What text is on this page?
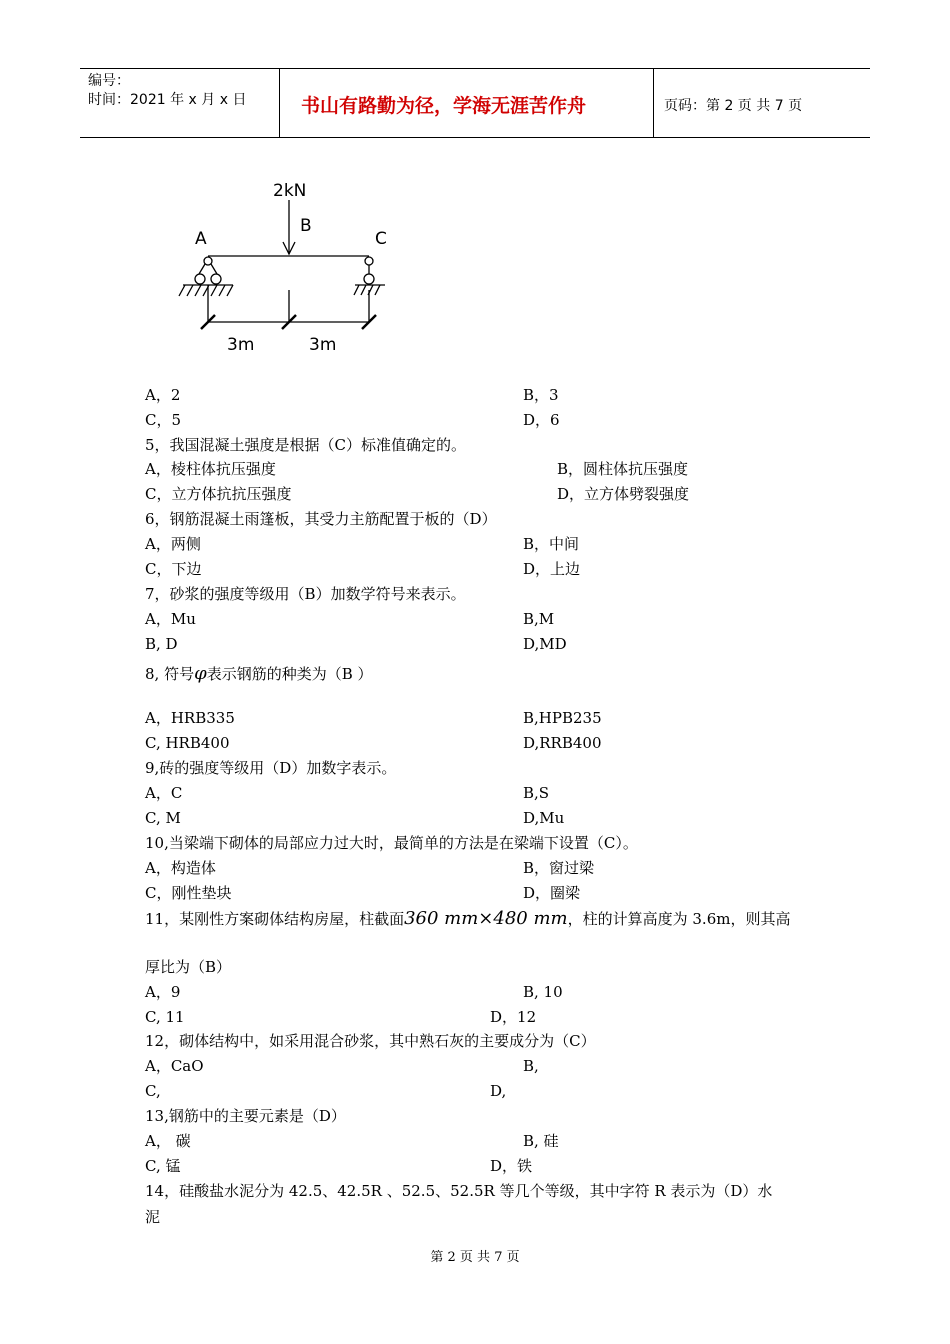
编号：
时间：2021 年 x 月 x 日	书山有路勤为径，学海无涯苦作舟	页码：第 2 页 共 7 页
2kN
B
A	C
3m	3m
A，2	B，3
C，5	D，6
5，我国混凝土强度是根据（C）标准值确定的。
A，棱柱体抗压强度	B，圆柱体抗压强度
C，立方体抗抗压强度	D，立方体劈裂强度
6，钢筋混凝土雨篷板，其受力主筋配置于板的（D）
A，两侧	B，中间
C，下边	D，上边
7，砂浆的强度等级用（B）加数学符号来表示。
A，Mu	B,M
B, D	D,MD
8, 符号φ表示钢筋的种类为（B ）
A，HRB335	B,HPB235
C, HRB400	D,RRB400
9,砖的强度等级用（D）加数字表示。
A，C	B,S
C, M	D,Mu
10,当梁端下砌体的局部应力过大时，最简单的方法是在梁端下设置（C）。
A，构造体	B，窗过梁
C，刚性垫块	D，圈梁
11，某刚性方案砌体结构房屋，柱截面360 mm×480 mm，柱的计算高度为 3.6m，则其高
厚比为（B）
A，9	B, 10
C, 11	D，12
12，砌体结构中，如采用混合砂浆，其中熟石灰的主要成分为（C）
A，CaO	B,
C,	D,
13,钢筋中的主要元素是（D）
A， 碳	B, 硅
C, 锰	D，铁
14，硅酸盐水泥分为 42.5、42.5R 、52.5、52.5R 等几个等级，其中字符 R 表示为（D）水
泥
第 2 页 共 7 页
